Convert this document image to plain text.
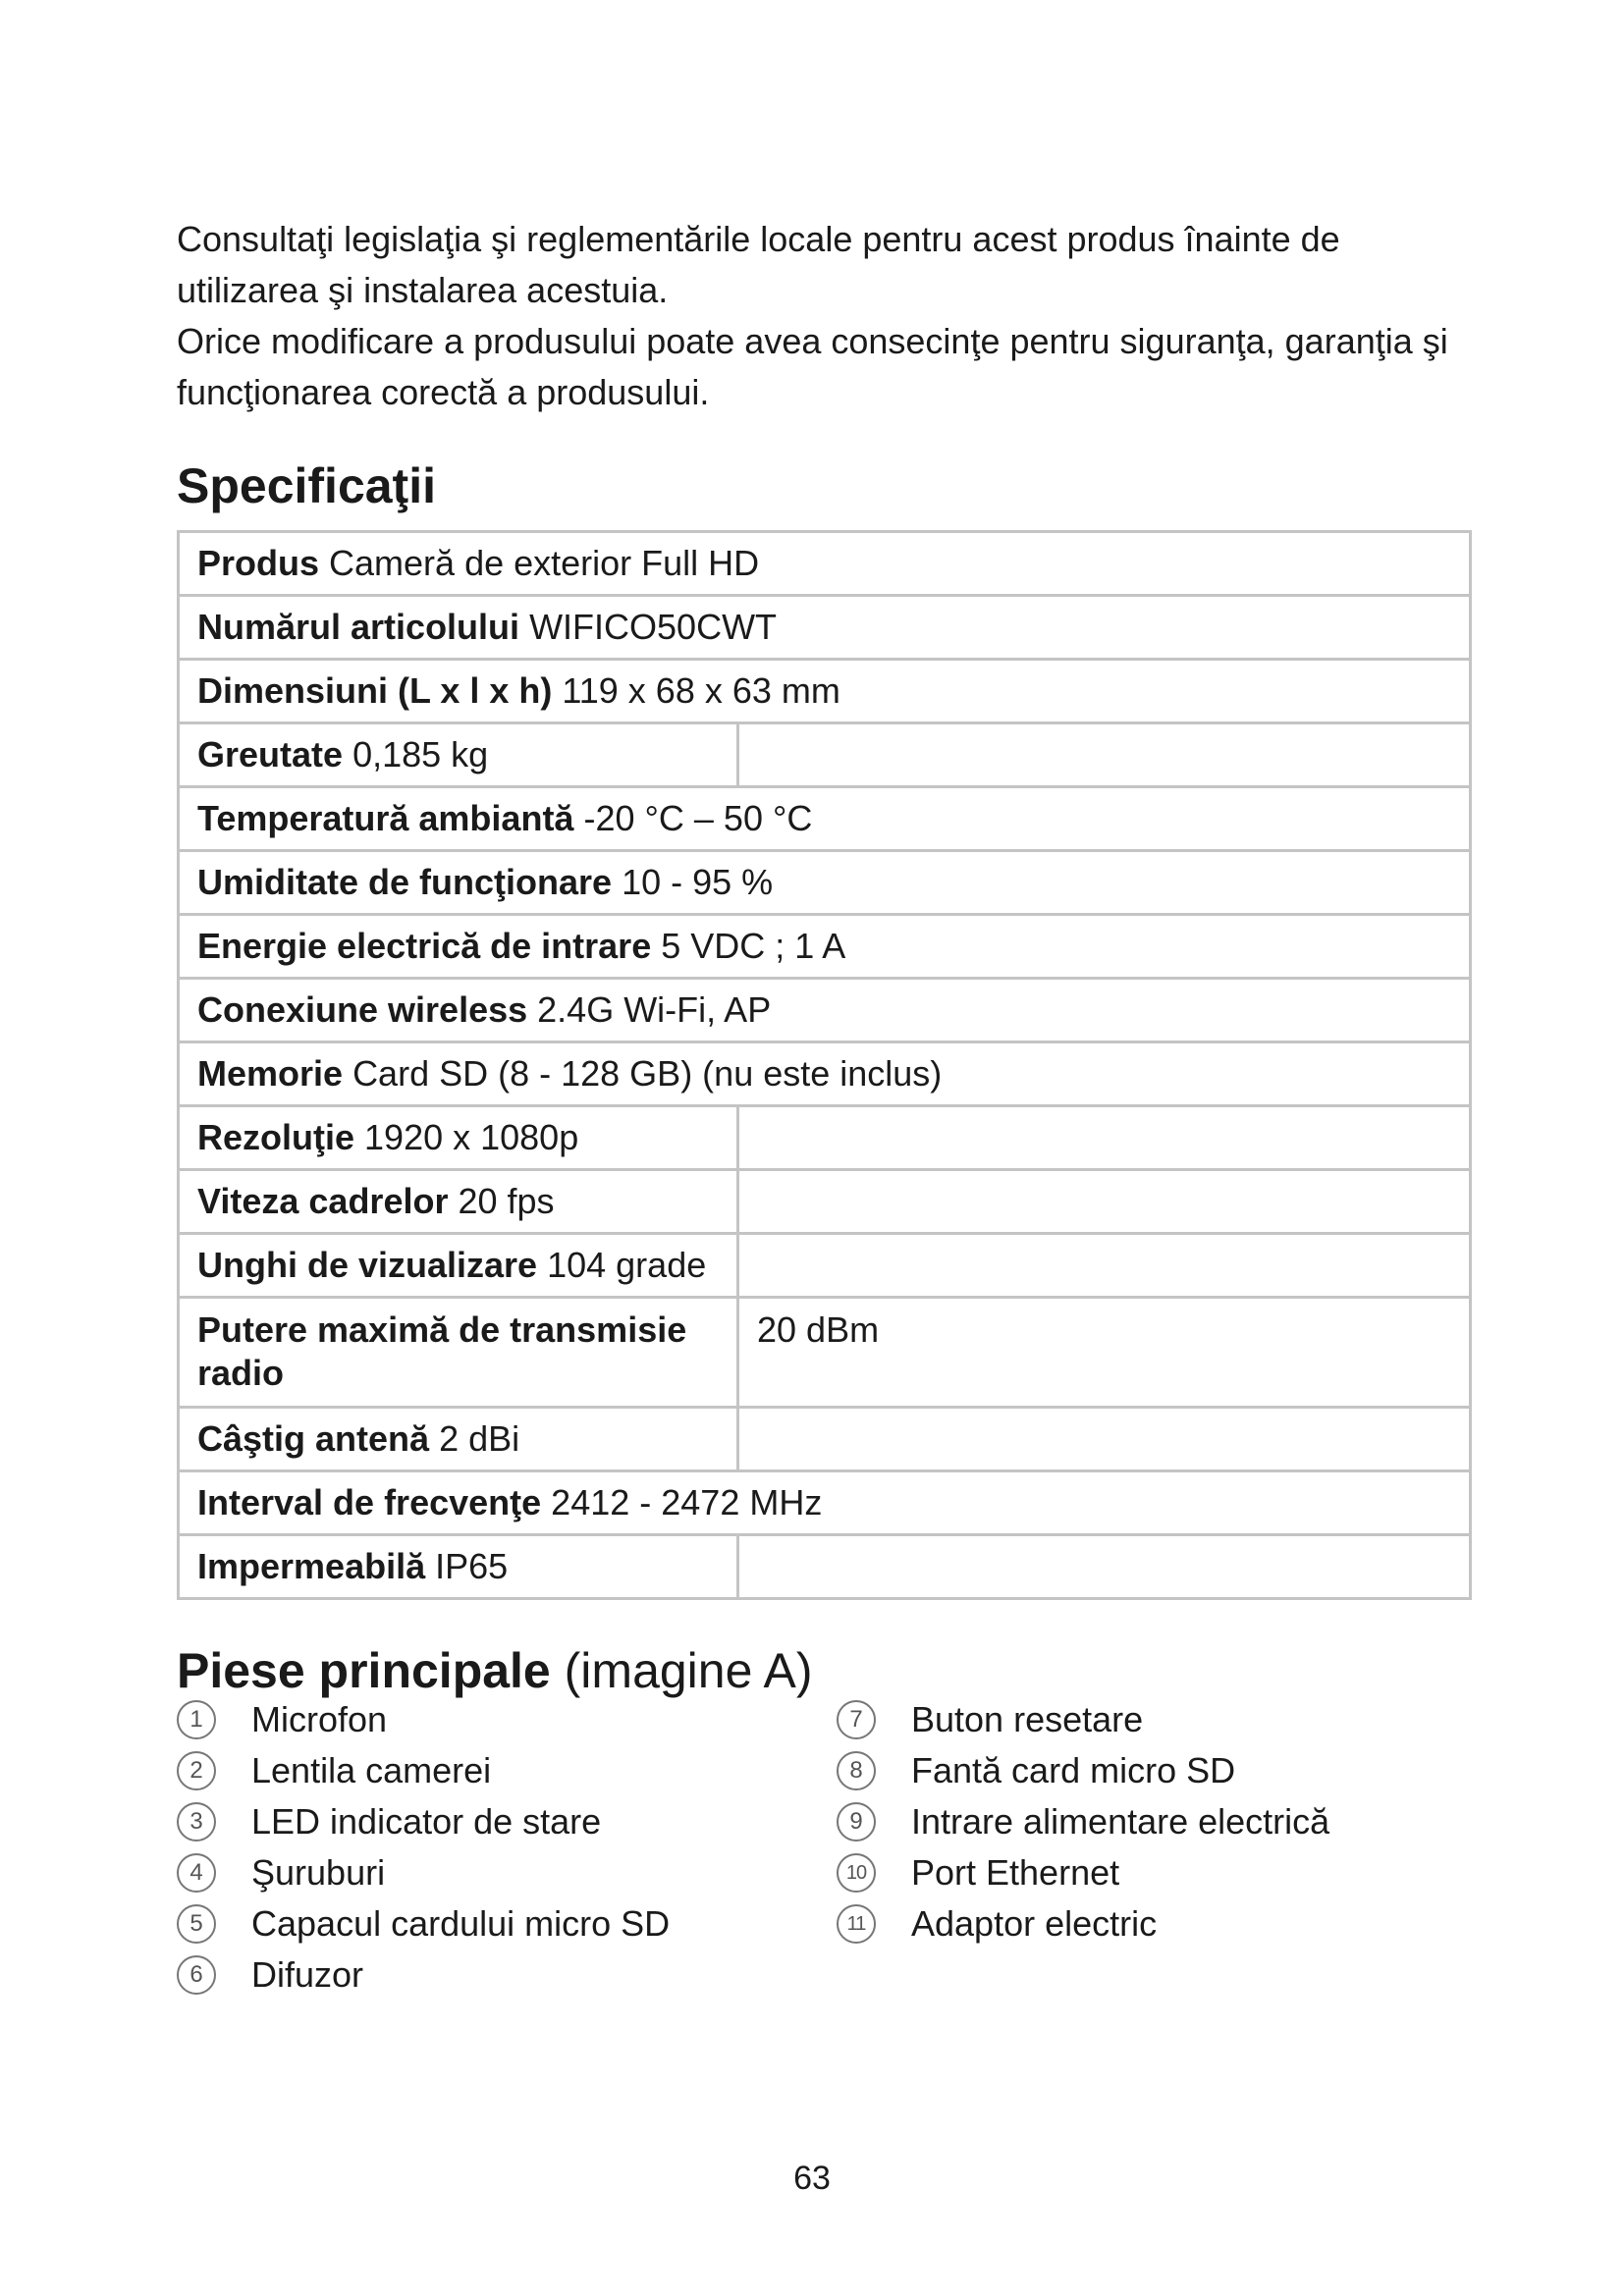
Consultaţi legislaţia şi reglementările locale pentru acest produs înainte de utilizarea şi instalarea acestuia.

Orice modificare a produsului poate avea consecinţe pentru siguranţa, garanţia şi funcţionarea corectă a produsului.

Specificaţii
Produs Cameră de exterior Full HD	
Numărul articolului WIFICO50CWT	
Dimensiuni (L x l x h) 119 x 68 x 63 mm	
Greutate 0,185 kg	
Temperatură ambiantă -20 °C – 50 °C	
Umiditate de funcţionare 10 - 95 %	
Energie electrică de intrare 5 VDC ; 1 A	
Conexiune wireless 2.4G Wi-Fi, AP	
Memorie Card SD (8 - 128 GB) (nu este inclus)	
Rezoluţie 1920 x 1080p	
Viteza cadrelor 20 fps	
Unghi de vizualizare 104 grade	
Putere maximă de transmisie radio	20 dBm
Câştig antenă 2 dBi	
Interval de frecvenţe 2412 - 2472 MHz	
Impermeabilă IP65	
Piese principale (imagine A)
1	Microfon
2	Lentila camerei
3	LED indicator de stare
4	Şuruburi
5	Capacul cardului micro SD
6	Difuzor
7	Buton resetare
8	Fantă card micro SD
9	Intrare alimentare electrică
10 Port Ethernet
11 Adaptor electric
63
